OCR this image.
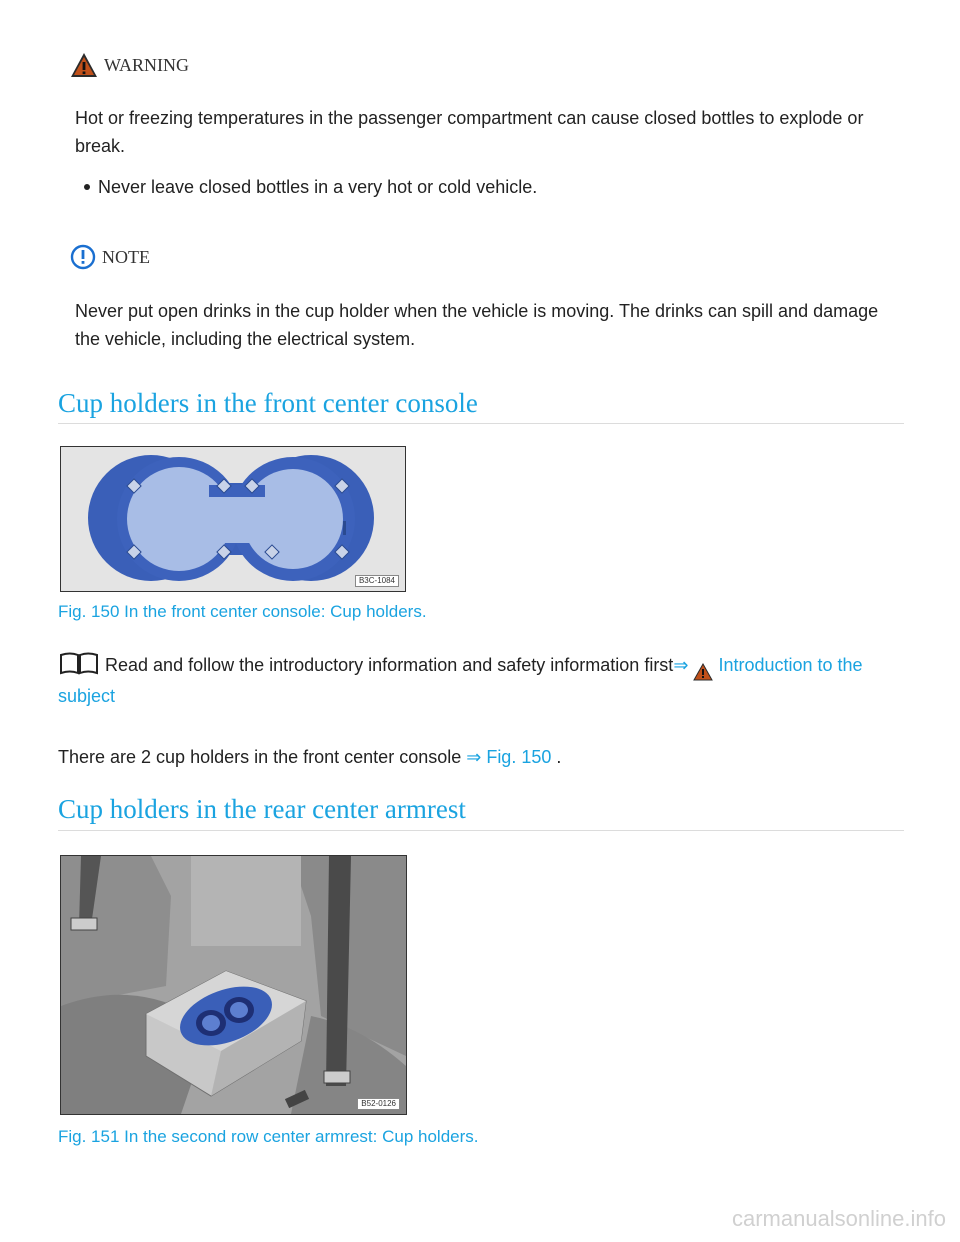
WARNING
Hot or freezing temperatures in the passenger compartment can cause closed bottles to explode or break.
Never leave closed bottles in a very hot or cold vehicle.
NOTE
Never put open drinks in the cup holder when the vehicle is moving. The drinks can spill and damage the vehicle, including the electrical system.
Cup holders in the front center console
B3C-1084
Fig. 150 In the front center console: Cup holders.
Read and follow the introductory information and safety information first⇒ Introduction to the subject
There are 2 cup holders in the front center console ⇒ Fig. 150 .
Cup holders in the rear center armrest
B52-0126
Fig. 151 In the second row center armrest: Cup holders.
carmanualsonline.info
